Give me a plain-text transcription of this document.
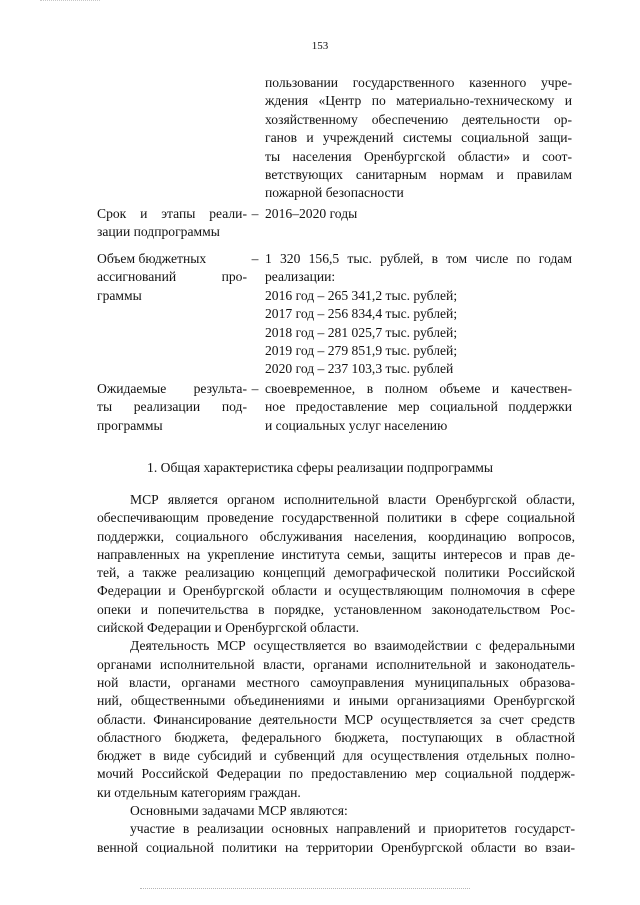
153
пользовании государственного казенного учре-
ждения «Центр по материально-техническому и
хозяйственному обеспечению деятельности ор-
ганов и учреждений системы социальной защи-
ты населения Оренбургской области» и соот-
ветствующих санитарным нормам и правилам
пожарной безопасности
Срок и этапы реали-
зации подпрограммы
– 2016–2020 годы
Объем бюджетных
ассигнований про-
граммы
– 1 320 156,5 тыс. рублей, в том числе по годам
реализации:
2016 год – 265 341,2 тыс. рублей;
2017 год – 256 834,4 тыс. рублей;
2018 год – 281 025,7 тыс. рублей;
2019 год – 279 851,9 тыс. рублей;
2020 год – 237 103,3 тыс. рублей
Ожидаемые результа-
ты реализации под-
программы
– своевременное, в полном объеме и качествен-
ное предоставление мер социальной поддержки
и социальных услуг населению
1. Общая характеристика сферы реализации подпрограммы
МСР является органом исполнительной власти Оренбургской области,
обеспечивающим проведение государственной политики в сфере социальной
поддержки, социального обслуживания населения, координацию вопросов,
направленных на укрепление института семьи, защиты интересов и прав де-
тей, а также реализацию концепций демографической политики Российской
Федерации и Оренбургской области и осуществляющим полномочия в сфере
опеки и попечительства в порядке, установленном законодательством Рос-
сийской Федерации и Оренбургской области.
Деятельность МСР осуществляется во взаимодействии с федеральными
органами исполнительной власти, органами исполнительной и законодатель-
ной власти, органами местного самоуправления муниципальных образова-
ний, общественными объединениями и иными организациями Оренбургской
области. Финансирование деятельности МСР осуществляется за счет средств
областного бюджета, федерального бюджета, поступающих в областной
бюджет в виде субсидий и субвенций для осуществления отдельных полно-
мочий Российской Федерации по предоставлению мер социальной поддерж-
ки отдельным категориям граждан.
Основными задачами МСР являются:
участие в реализации основных направлений и приоритетов государст-
венной социальной политики на территории Оренбургской области во взаи-
